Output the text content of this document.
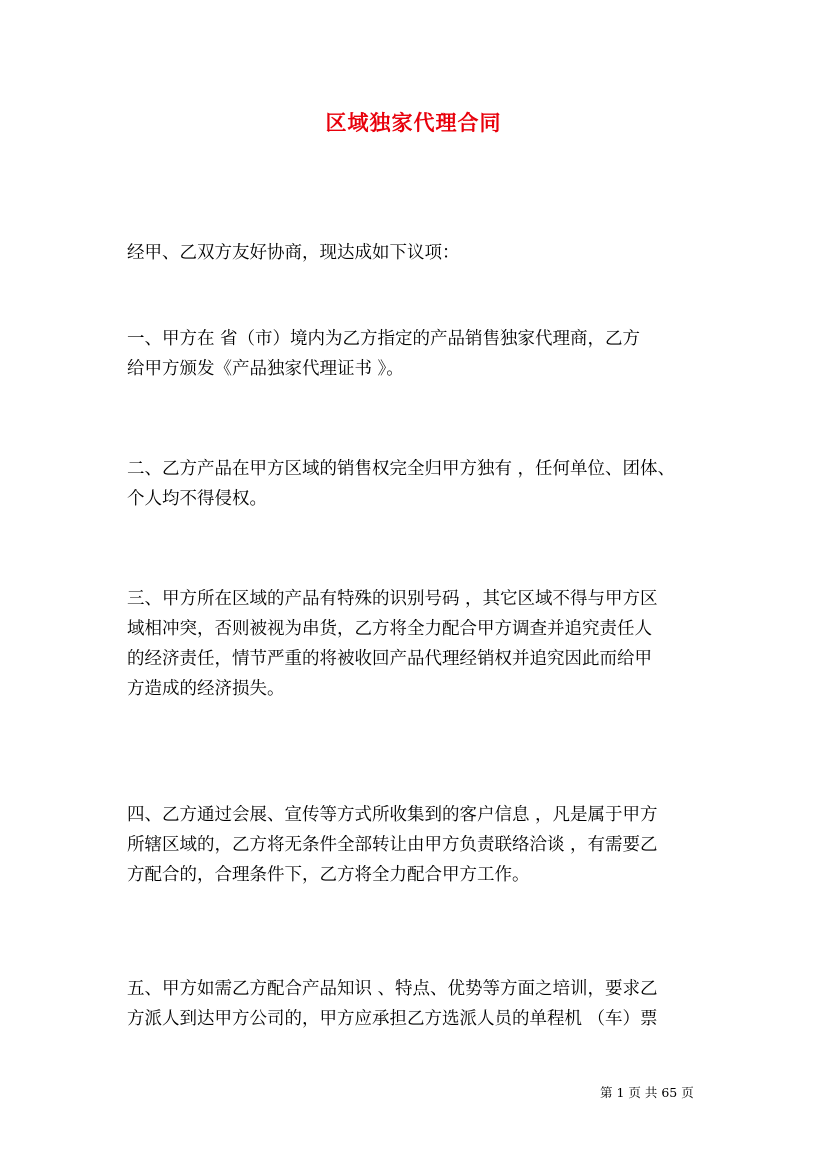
区域独家代理合同
经甲、乙双方友好协商，现达成如下议项：
一、甲方在 省（市）境内为乙方指定的产品销售独家代理商，乙方
给甲方颁发《产品独家代理证书 》。
二、乙方产品在甲方区域的销售权完全归甲方独有 ，任何单位、团体、
个人均不得侵权。
三、甲方所在区域的产品有特殊的识别号码 ，其它区域不得与甲方区
域相冲突，否则被视为串货，乙方将全力配合甲方调查并追究责任人
的经济责任，情节严重的将被收回产品代理经销权并追究因此而给甲
方造成的经济损失。
四、乙方通过会展、宣传等方式所收集到的客户信息 ，凡是属于甲方
所辖区域的，乙方将无条件全部转让由甲方负责联络洽谈 ，有需要乙
方配合的，合理条件下，乙方将全力配合甲方工作。
五、甲方如需乙方配合产品知识 、特点、优势等方面之培训，要求乙
方派人到达甲方公司的，甲方应承担乙方选派人员的单程机 （车）票
第 1 页 共 65 页
